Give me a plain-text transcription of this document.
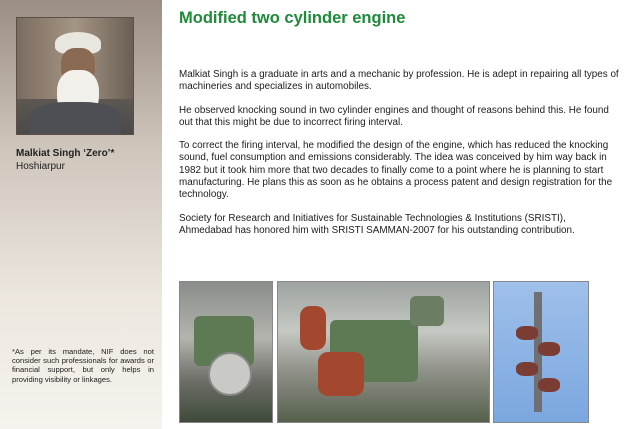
Malkiat Singh ‘Zero’*
Hoshiarpur
*As per its mandate, NIF does not consider such professionals for awards or financial support, but only helps in providing visibility or linkages.
Modified two cylinder engine

Malkiat Singh is a graduate in arts and a mechanic by profession. He is adept in repairing all types of machineries and specializes in automobiles.

He observed knocking sound in two cylinder engines and thought of reasons behind this. He found out that this might be due to incorrect firing interval.

To correct the firing interval, he modified the design of the engine, which has reduced the knocking sound, fuel consumption and emissions considerably. The idea was conceived by him way back in 1982 but it took him more that two decades to finally come to a point where he is planning to start manufacturing. He plans this as soon as he obtains a process patent and design registration for the technology.

Society for Research and Initiatives for Sustainable Technologies & Institutions (SRISTI), Ahmedabad has honored him with SRISTI SAMMAN-2007 for his outstanding contribution.
